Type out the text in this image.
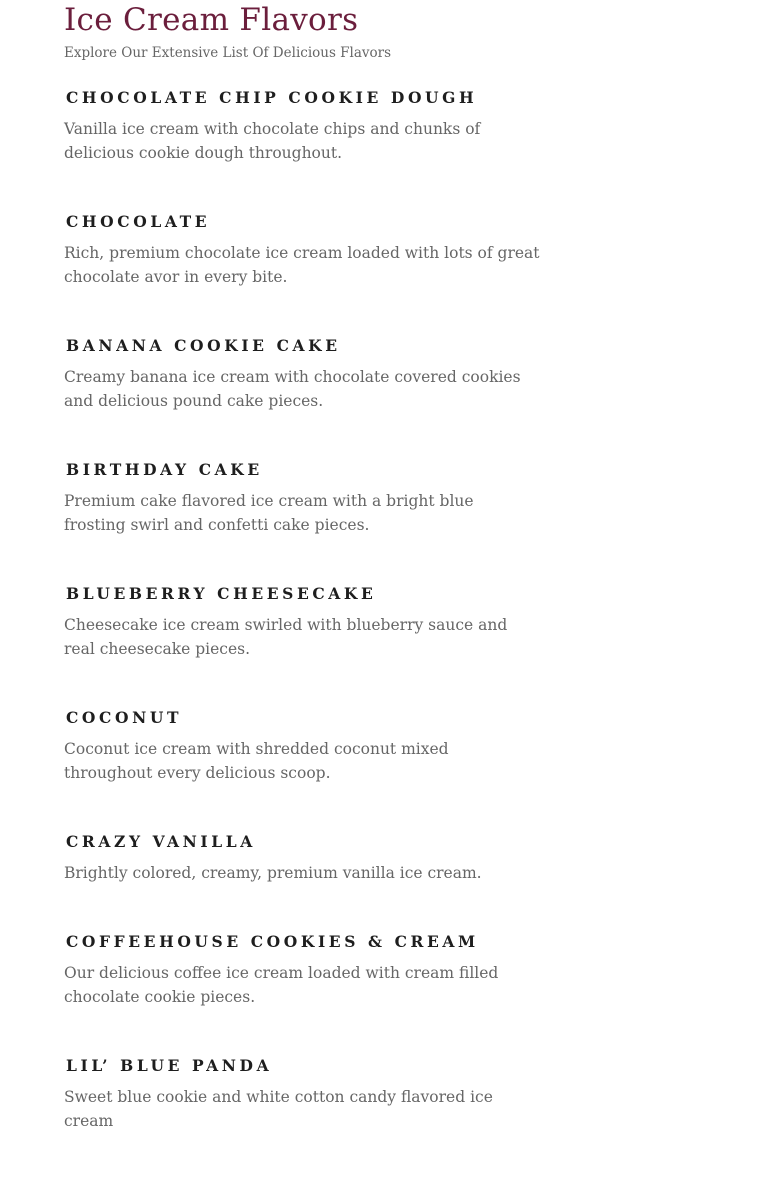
Ice Cream Flavors

Explore Our Extensive List Of Delicious Flavors

CHOCOLATE CHIP COOKIE DOUGH

Vanilla ice cream with chocolate chips and chunks of delicious cookie dough throughout.

CHOCOLATE

Rich, premium chocolate ice cream loaded with lots of great chocolate avor in every bite.

BANANA COOKIE CAKE

Creamy banana ice cream with chocolate covered cookies and delicious pound cake pieces.

BIRTHDAY CAKE

Premium cake flavored ice cream with a bright blue frosting swirl and confetti cake pieces.

BLUEBERRY CHEESECAKE

Cheesecake ice cream swirled with blueberry sauce and real cheesecake pieces.

COCONUT

Coconut ice cream with shredded coconut mixed throughout every delicious scoop.

CRAZY VANILLA

Brightly colored, creamy, premium vanilla ice cream.

COFFEEHOUSE COOKIES & CREAM

Our delicious coffee ice cream loaded with cream filled chocolate cookie pieces.

LIL’ BLUE PANDA

Sweet blue cookie and white cotton candy flavored ice cream
